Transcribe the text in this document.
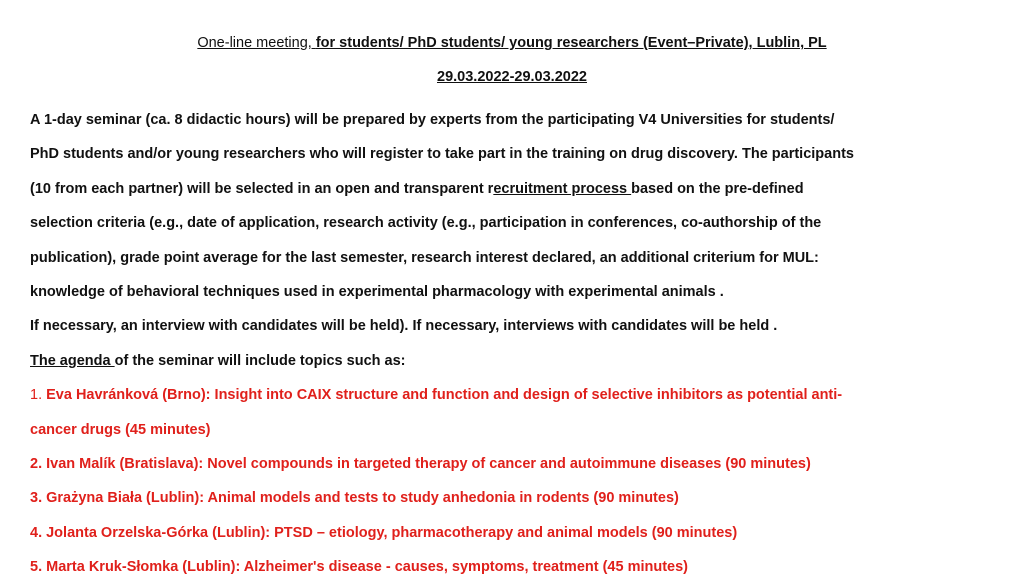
One-line meeting, for students/ PhD students/ young researchers (Event–Private), Lublin, PL
29.03.2022-29.03.2022
A 1-day seminar (ca. 8 didactic hours) will be prepared by experts from the participating V4 Universities for students/
PhD students and/or young researchers who will register to take part in the training on drug discovery. The participants
(10 from each partner) will be selected in an open and transparent recruitment process based on the pre-defined
selection criteria (e.g., date of application, research activity (e.g., participation in conferences, co-authorship of the
publication), grade point average for the last semester, research interest declared, an additional criterium for MUL:
knowledge of behavioral techniques used in experimental pharmacology with experimental animals .
If necessary, an interview with candidates will be held). If necessary, interviews with candidates will be held .
The agenda of the seminar will include topics such as:
1. Eva Havránková (Brno): Insight into CAIX structure and function and design of selective inhibitors as potential anti-
cancer drugs (45 minutes)
2. Ivan Malík (Bratislava): Novel compounds in targeted therapy of cancer and autoimmune diseases (90 minutes)
3. Grażyna Biała (Lublin): Animal models and tests to study anhedonia in rodents (90 minutes)
4. Jolanta Orzelska-Górka (Lublin): PTSD – etiology, pharmacotherapy and animal models (90 minutes)
5. Marta Kruk-Słomka (Lublin): Alzheimer's disease - causes, symptoms, treatment (45 minutes)
